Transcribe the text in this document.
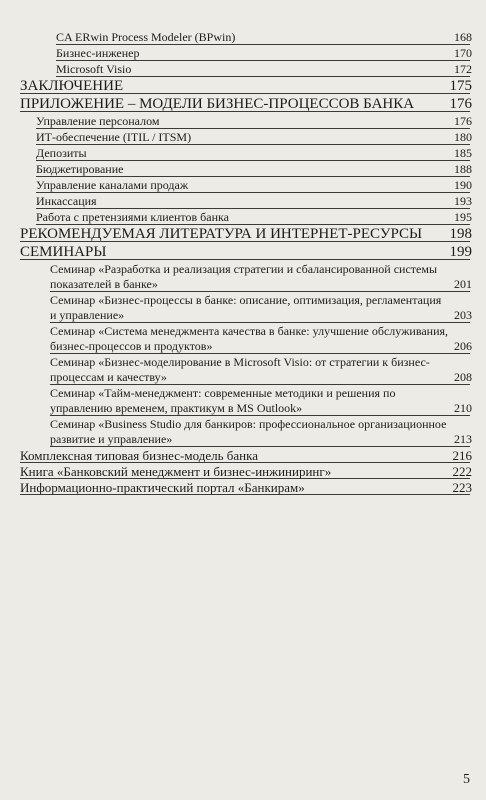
CA ERwin Process Modeler (BPwin)	168
Бизнес-инженер	170
Microsoft Visio	172
ЗАКЛЮЧЕНИЕ	175
ПРИЛОЖЕНИЕ – МОДЕЛИ БИЗНЕС-ПРОЦЕССОВ БАНКА	176
Управление персоналом	176
ИТ-обеспечение (ITIL / ITSM)	180
Депозиты	185
Бюджетирование	188
Управление каналами продаж	190
Инкассация	193
Работа с претензиями клиентов банка	195
РЕКОМЕНДУЕМАЯ ЛИТЕРАТУРА И ИНТЕРНЕТ-РЕСУРСЫ	198
СЕМИНАРЫ	199
Семинар «Разработка и реализация стратегии и сбалансированной системы
показателей в банке»	201
Семинар «Бизнес-процессы в банке: описание, оптимизация, регламентация
и управление»	203
Семинар «Система менеджмента качества в банке: улучшение обслуживания,
бизнес-процессов и продуктов»	206
Семинар «Бизнес-моделирование в Microsoft Visio: от стратегии к бизнес-
процессам и качеству»	208
Семинар «Тайм-менеджмент: современные методики и решения по
управлению временем, практикум в MS Outlook»	210
Семинар «Business Studio для банкиров: профессиональное организационное
развитие и управление»	213
Комплексная типовая бизнес-модель банка	216
Книга «Банковский менеджмент и бизнес-инжиниринг»	222
Информационно-практический портал «Банкирам»	223
5
